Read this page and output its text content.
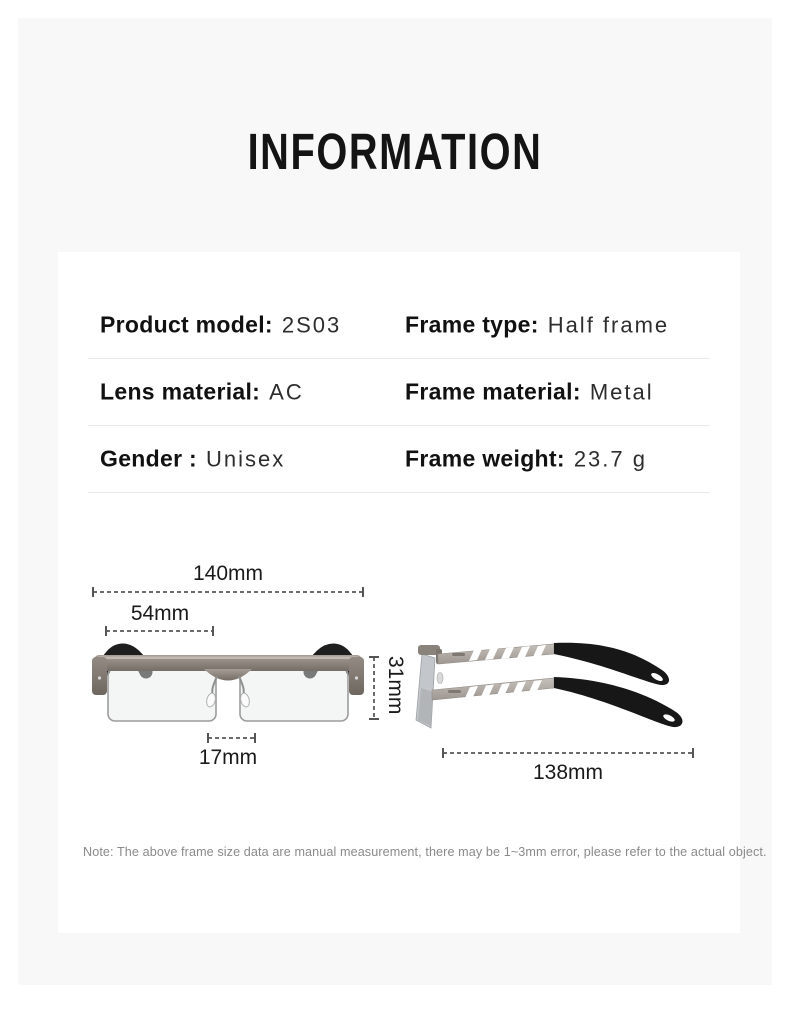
INFORMATION
Product model: 2S03	Frame type: Half frame
Lens material: AC	Frame material: Metal
Gender : Unisex	Frame weight: 23.7 g
140mm
54mm
31mm
17mm
138mm
Note: The above frame size data are manual measurement, there may be 1~3mm error, please refer to the actual object.
